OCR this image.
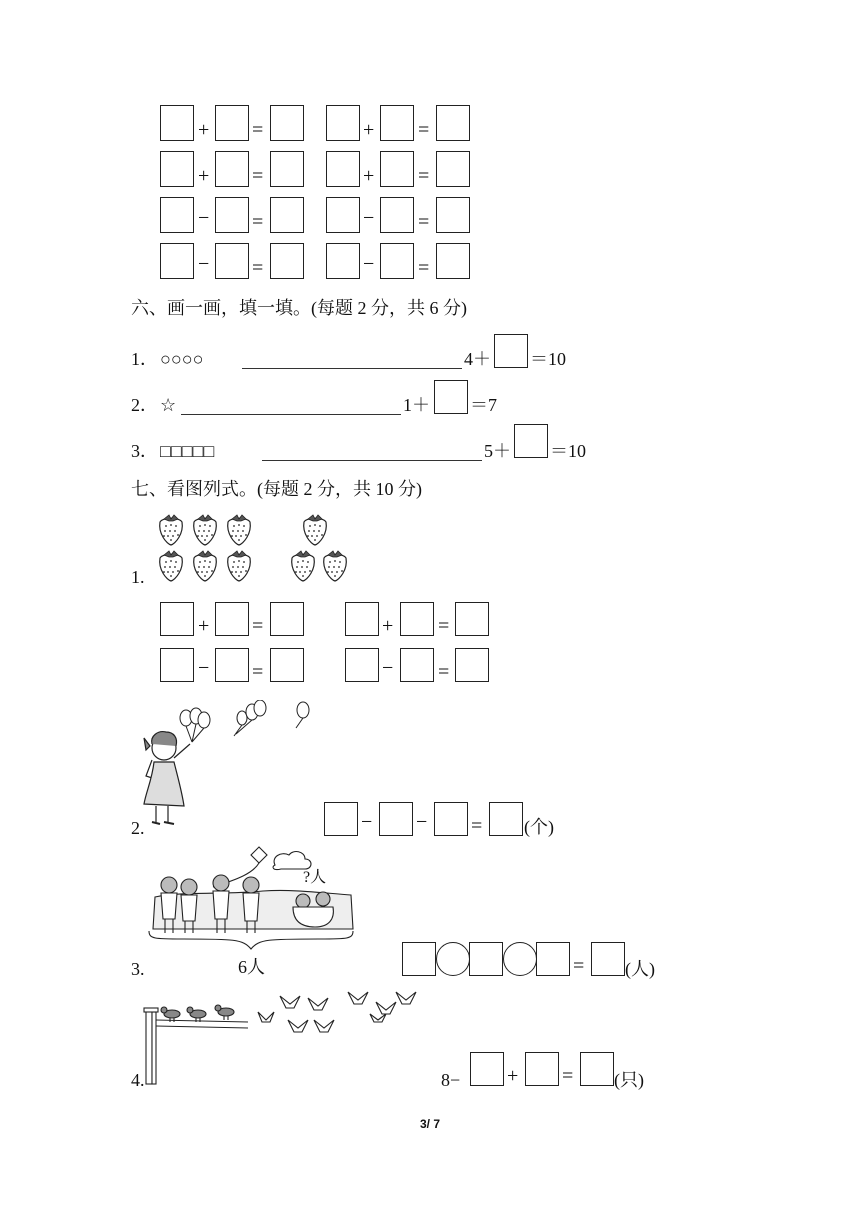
+ =	+ =
+ =	+ =
− =	− =
− =	− =
六、画一画，填一填。(每题 2 分，共 6 分)
1． ○○○○	4＋ ＝10
2． ☆	1＋ ＝7
3． □□□□□	5＋ ＝10
七、看图列式。(每题 2 分，共 10 分)
1.
+ =	+ =
− =	− =
2.	− − = (个)
3.
?人
6人	= (人)
4.	8− + = (只)
3/ 7
